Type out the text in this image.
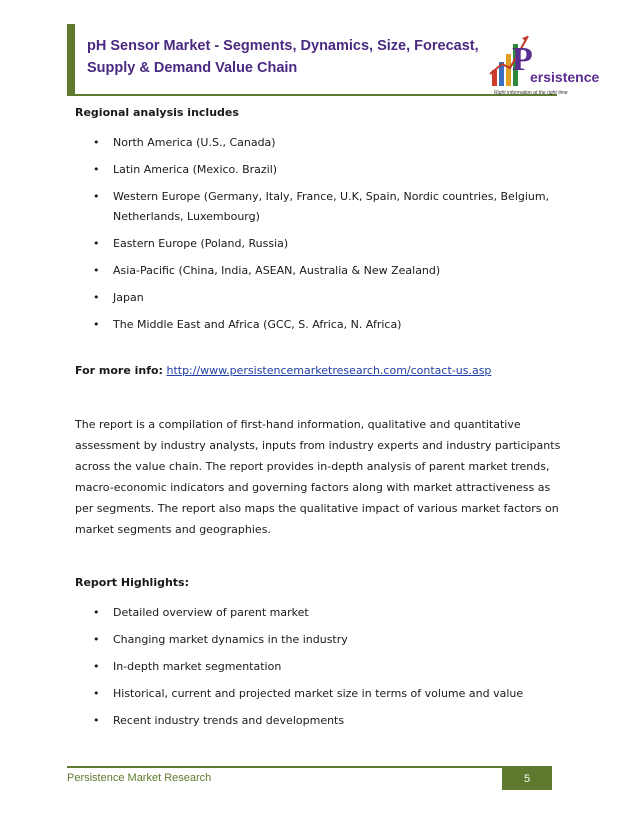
pH Sensor Market - Segments, Dynamics, Size, Forecast,
Supply & Demand Value Chain	P
ersistence
Right information at the right time

Regional analysis includes

• North America (U.S., Canada)
• Latin America (Mexico. Brazil)
• Western Europe (Germany, Italy, France, U.K, Spain, Nordic countries, Belgium, Netherlands, Luxembourg)
• Eastern Europe (Poland, Russia)
• Asia-Pacific (China, India, ASEAN, Australia & New Zealand)
• Japan
• The Middle East and Africa (GCC, S. Africa, N. Africa)

For more info: http://www.persistencemarketresearch.com/contact-us.asp

The report is a compilation of first-hand information, qualitative and quantitative assessment by industry analysts, inputs from industry experts and industry participants across the value chain. The report provides in-depth analysis of parent market trends, macro-economic indicators and governing factors along with market attractiveness as per segments. The report also maps the qualitative impact of various market factors on market segments and geographies.

Report Highlights:

• Detailed overview of parent market
• Changing market dynamics in the industry
• In-depth market segmentation
• Historical, current and projected market size in terms of volume and value
• Recent industry trends and developments
Persistence Market Research	5
